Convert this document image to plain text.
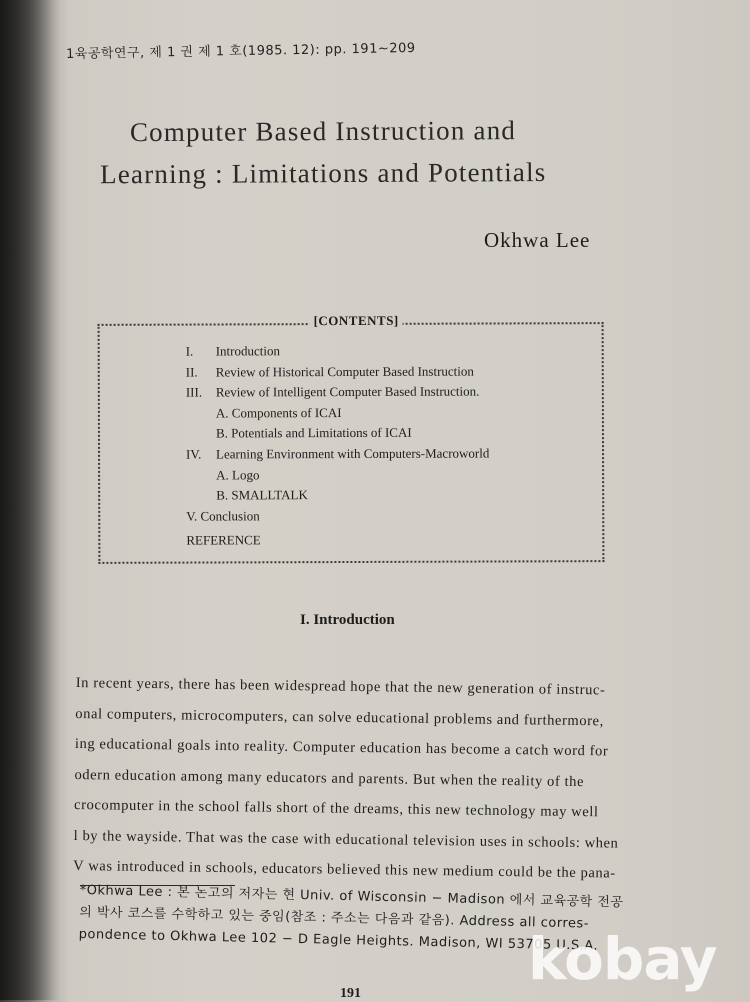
1육공학연구, 제 1 권 제 1 호(1985. 12): pp. 191~209
Computer Based Instruction and
Learning : Limitations and Potentials
Okhwa Lee
[CONTENTS]
I. Introduction
II. Review of Historical Computer Based Instruction
III. Review of Intelligent Computer Based Instruction.
A. Components of ICAI
B. Potentials and Limitations of ICAI
IV. Learning Environment with Computers-Macroworld
A. Logo
B. SMALLTALK
V. Conclusion
REFERENCE
I. Introduction
In recent years, there has been widespread hope that the new generation of instruc-
onal computers, microcomputers, can solve educational problems and furthermore,
ing educational goals into reality. Computer education has become a catch word for
odern education among many educators and parents. But when the reality of the
crocomputer in the school falls short of the dreams, this new technology may well
l by the wayside. That was the case with educational television uses in schools: when
V was introduced in schools, educators believed this new medium could be the pana-
*Okhwa Lee : 본 논고의 저자는 현 Univ. of Wisconsin − Madison 에서 교육공학 전공
의 박사 코스를 수학하고 있는 중임(참조 : 주소는 다음과 같음). Address all corres-
pondence to Okhwa Lee 102 − D Eagle Heights. Madison, WI 53705 U.S.A.
191
kobay
